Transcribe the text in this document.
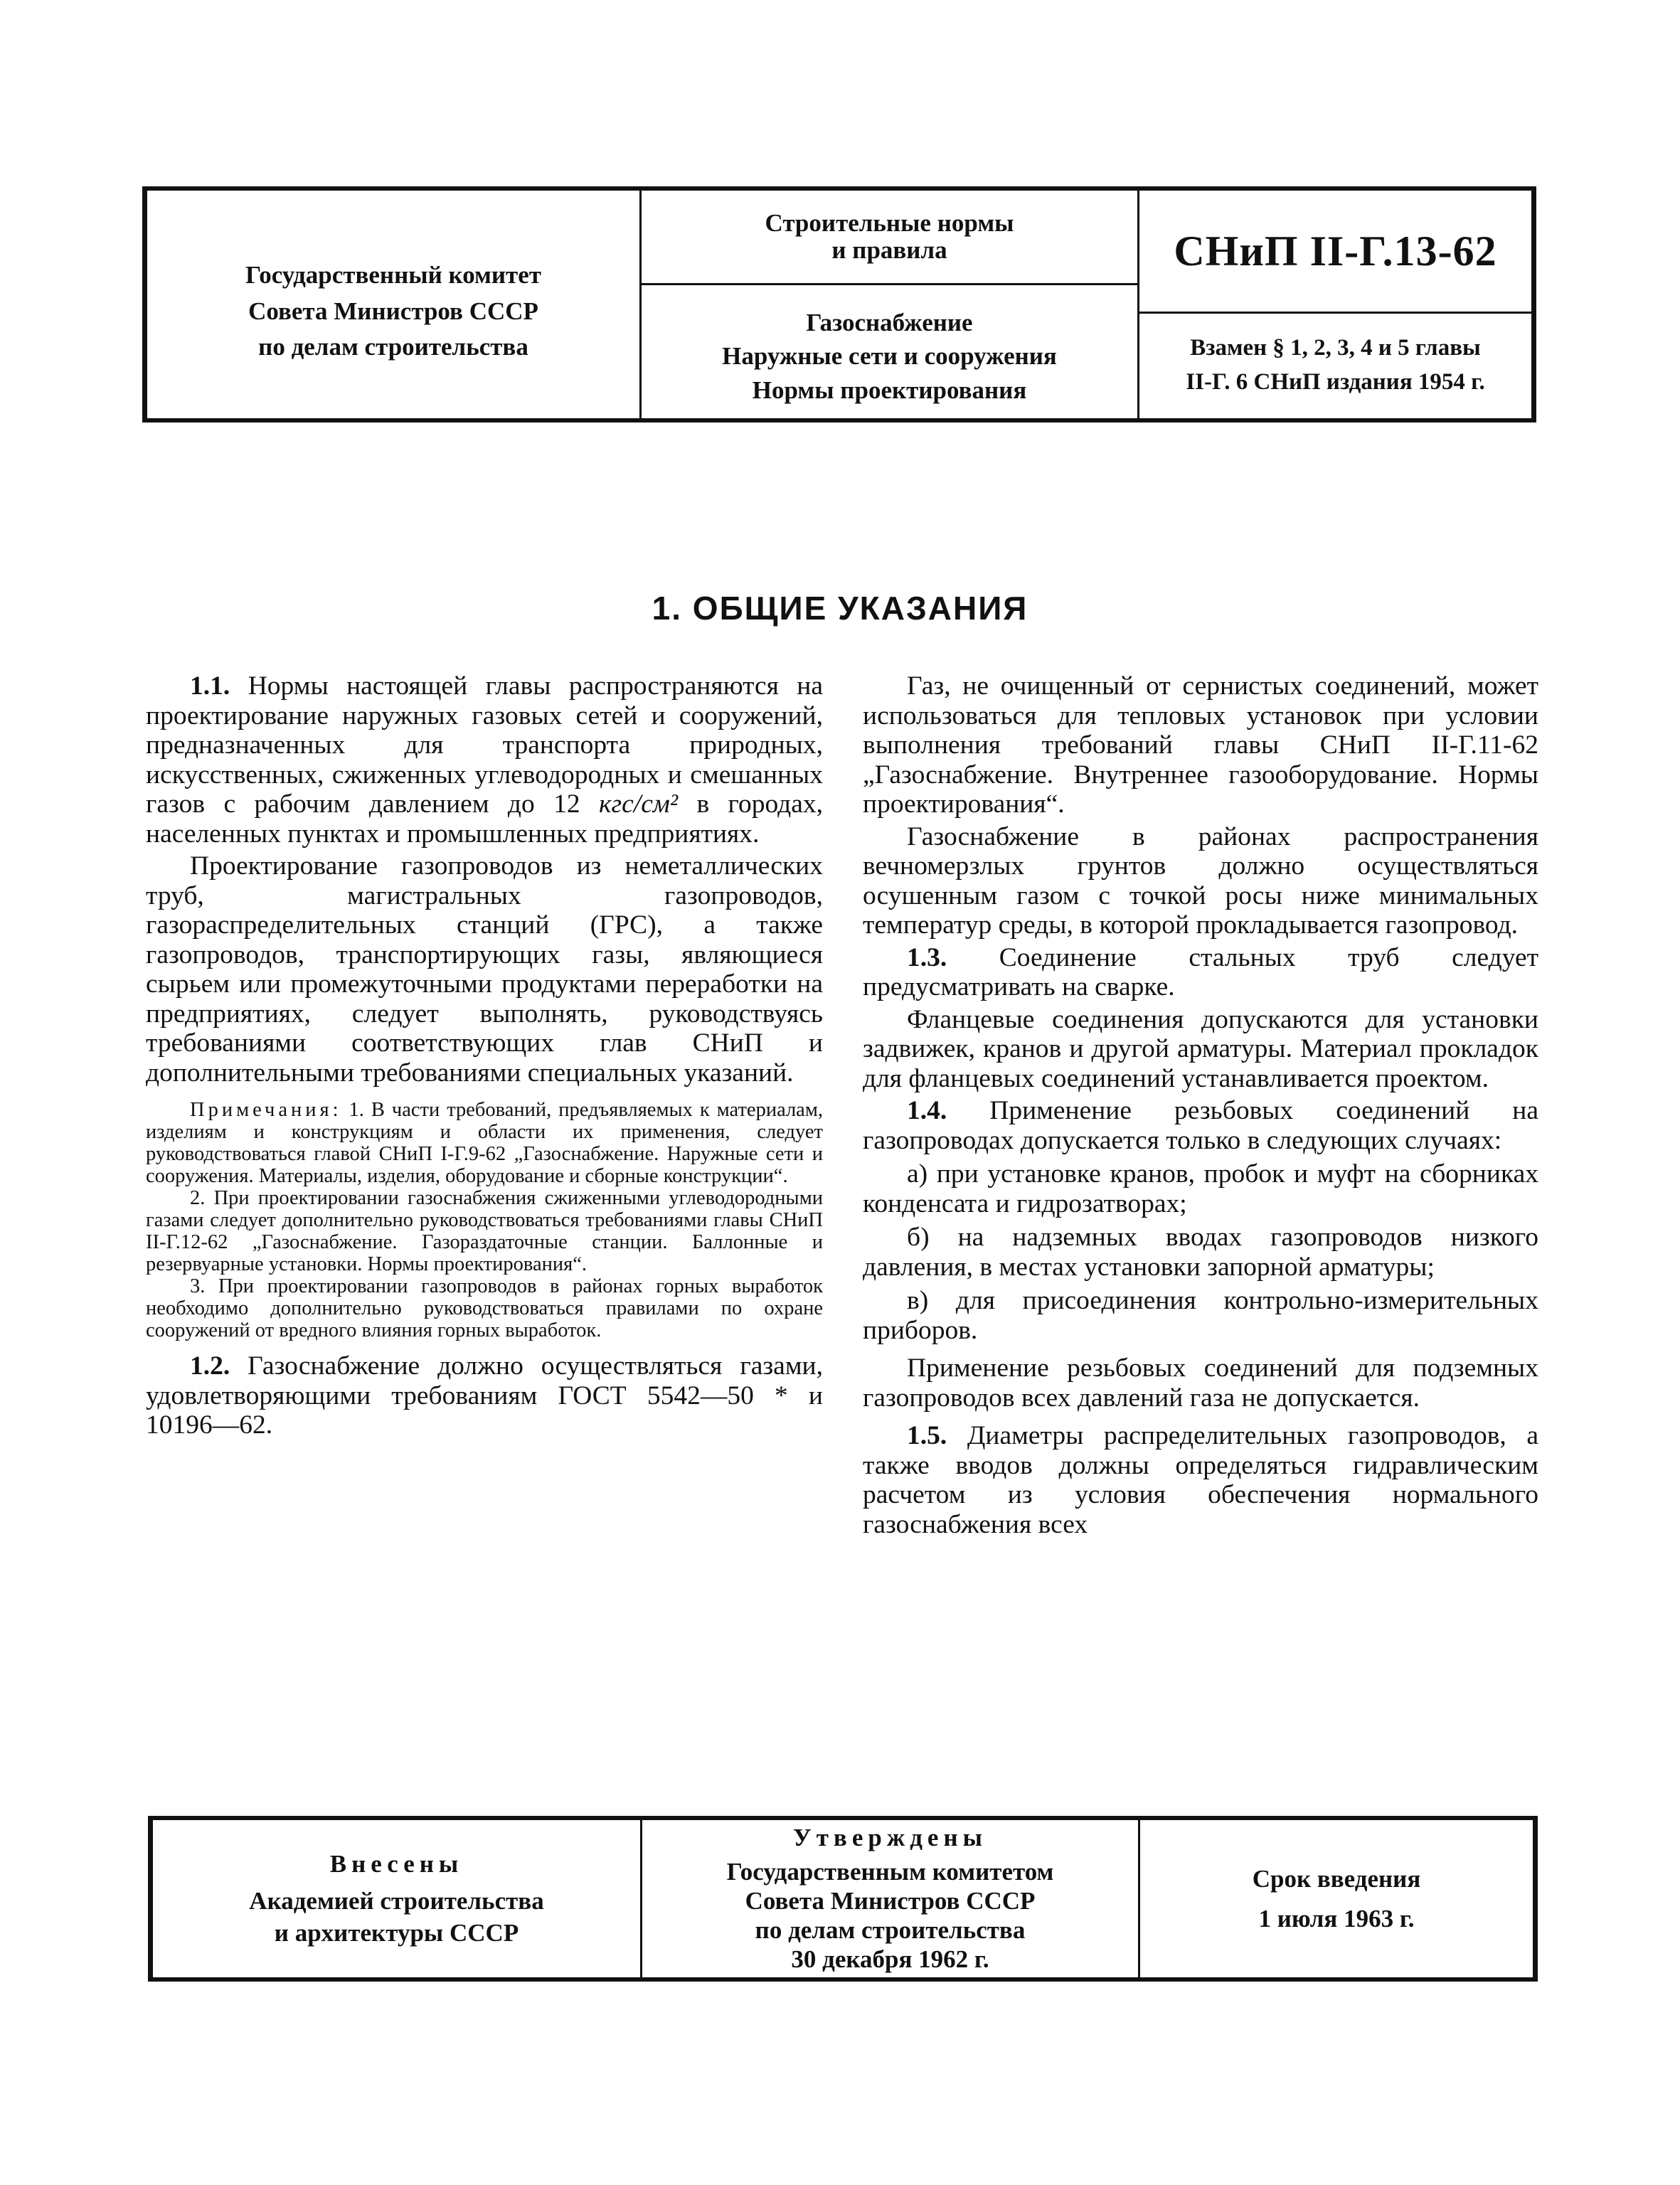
Государственный комитет
Совета Министров СССР
по делам строительства
Строительные нормы
и правила
Газоснабжение
Наружные сети и сооружения
Нормы проектирования
СНиП II-Г.13-62
Взамен § 1, 2, 3, 4 и 5 главы
II-Г. 6 СНиП издания 1954 г.
1. ОБЩИЕ УКАЗАНИЯ

1.1. Нормы настоящей главы распространяются на проектирование наружных газовых сетей и сооружений, предназначенных для транспорта природных, искусственных, сжиженных углеводородных и смешанных газов с рабочим давлением до 12 кгс/см² в городах, населенных пунктах и промышленных предприятиях.

Проектирование газопроводов из неметаллических труб, магистральных газопроводов, газораспределительных станций (ГРС), а также газопроводов, транспортирующих газы, являющиеся сырьем или промежуточными продуктами переработки на предприятиях, следует выполнять, руководствуясь требованиями соответствующих глав СНиП и дополнительными требованиями специальных указаний.

Примечания: 1. В части требований, предъявляемых к материалам, изделиям и конструкциям и области их применения, следует руководствоваться главой СНиП I-Г.9-62 „Газоснабжение. Наружные сети и сооружения. Материалы, изделия, оборудование и сборные конструкции“.

2. При проектировании газоснабжения сжиженными углеводородными газами следует дополнительно руководствоваться требованиями главы СНиП II-Г.12-62 „Газоснабжение. Газораздаточные станции. Баллонные и резервуарные установки. Нормы проектирования“.

3. При проектировании газопроводов в районах горных выработок необходимо дополнительно руководствоваться правилами по охране сооружений от вредного влияния горных выработок.

1.2. Газоснабжение должно осуществляться газами, удовлетворяющими требованиям ГОСТ 5542—50 * и 10196—62.

Газ, не очищенный от сернистых соединений, может использоваться для тепловых установок при условии выполнения требований главы СНиП II-Г.11-62 „Газоснабжение. Внутреннее газооборудование. Нормы проектирования“.

Газоснабжение в районах распространения вечномерзлых грунтов должно осуществляться осушенным газом с точкой росы ниже минимальных температур среды, в которой прокладывается газопровод.

1.3. Соединение стальных труб следует предусматривать на сварке.

Фланцевые соединения допускаются для установки задвижек, кранов и другой арматуры. Материал прокладок для фланцевых соединений устанавливается проектом.

1.4. Применение резьбовых соединений на газопроводах допускается только в следующих случаях:

а) при установке кранов, пробок и муфт на сборниках конденсата и гидрозатворах;

б) на надземных вводах газопроводов низкого давления, в местах установки запорной арматуры;

в) для присоединения контрольно-измерительных приборов.

Применение резьбовых соединений для подземных газопроводов всех давлений газа не допускается.

1.5. Диаметры распределительных газопроводов, а также вводов должны определяться гидравлическим расчетом из условия обеспечения нормального газоснабжения всех

Внесены
Академией строительства
и архитектуры СССР
Утверждены
Государственным комитетом
Совета Министров СССР
по делам строительства
30 декабря 1962 г.
Срок введения
1 июля 1963 г.
